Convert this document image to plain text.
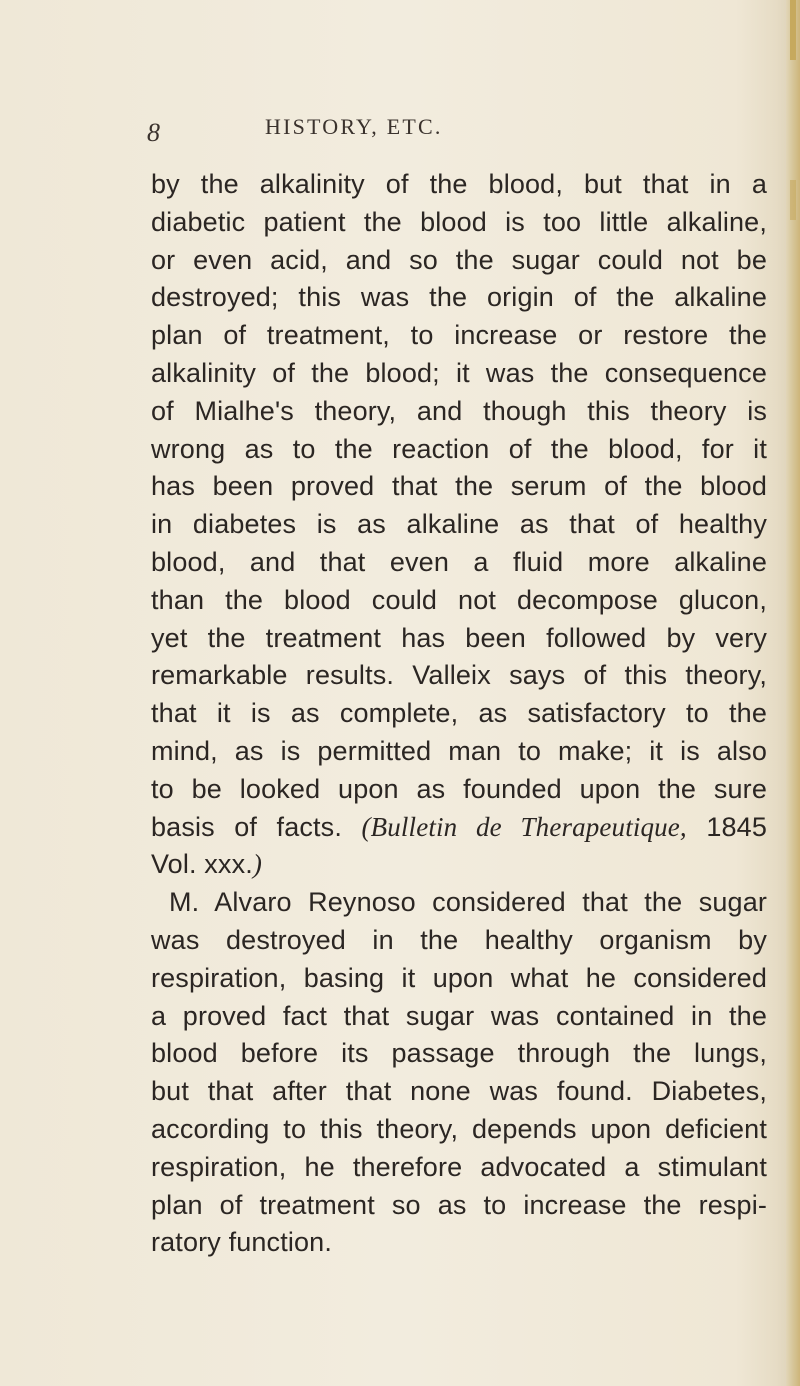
8	HISTORY, ETC.
by the alkalinity of the blood, but that in a
diabetic patient the blood is too little alkaline,
or even acid, and so the sugar could not be
destroyed; this was the origin of the alkaline
plan of treatment, to increase or restore the
alkalinity of the blood; it was the consequence
of Mialhe's theory, and though this theory is
wrong as to the reaction of the blood, for it
has been proved that the serum of the blood
in diabetes is as alkaline as that of healthy
blood, and that even a fluid more alkaline
than the blood could not decompose glucon,
yet the treatment has been followed by very
remarkable results. Valleix says of this theory,
that it is as complete, as satisfactory to the
mind, as is permitted man to make; it is also
to be looked upon as founded upon the sure
basis of facts. (Bulletin de Therapeutique, 1845
Vol. xxx.)
M. Alvaro Reynoso considered that the sugar
was destroyed in the healthy organism by
respiration, basing it upon what he considered
a proved fact that sugar was contained in the
blood before its passage through the lungs,
but that after that none was found. Diabetes,
according to this theory, depends upon deficient
respiration, he therefore advocated a stimulant
plan of treatment so as to increase the respi-
ratory function.
